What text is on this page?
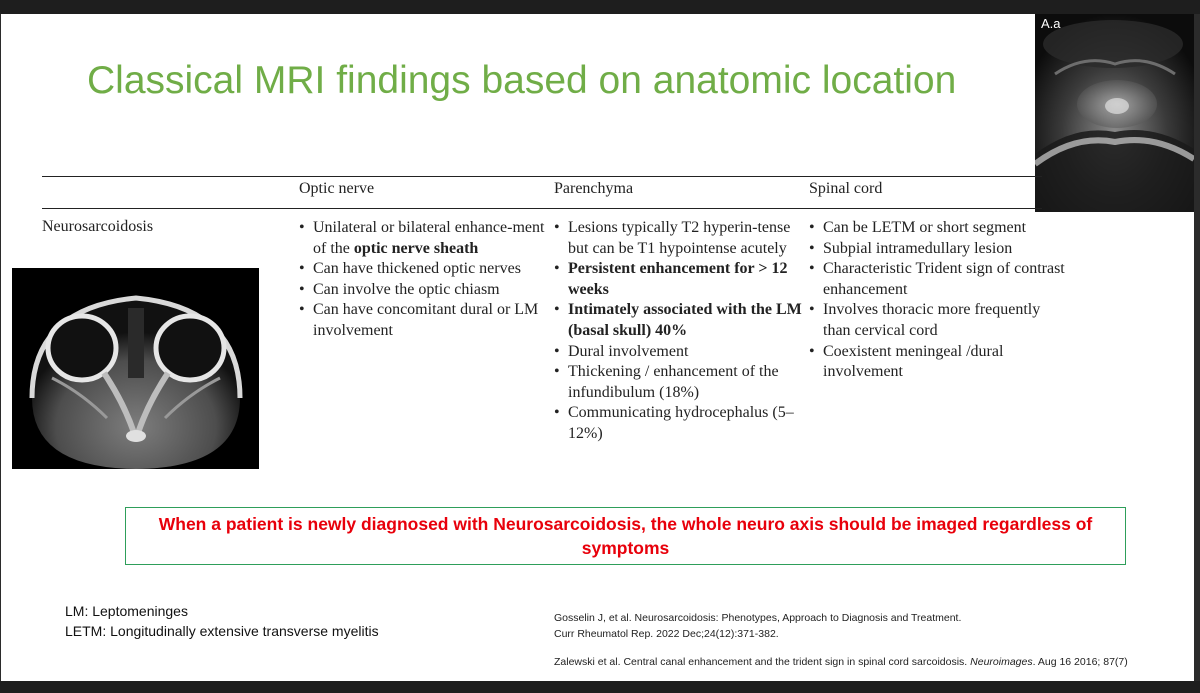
Classical MRI findings based on anatomic location
A.a
Optic nerve	Parenchyma	Spinal cord
Neurosarcoidosis
•	Unilateral or bilateral enhance-ment of the optic nerve sheath
• Can have thickened optic nerves
• Can involve the optic chiasm
• Can have concomitant dural or LM involvement
• Lesions typically T2 hyperin-tense but can be T1 hypointense acutely
• Persistent enhancement for > 12 weeks
• Intimately associated with the LM (basal skull) 40%
• Dural involvement
• Thickening / enhancement of the infundibulum (18%)
• Communicating hydrocephalus (5–12%)
• Can be LETM or short segment
• Subpial intramedullary lesion
• Characteristic Trident sign of contrast enhancement
• Involves thoracic more frequently than cervical cord
• Coexistent meningeal /dural involvement
When a patient is newly diagnosed with Neurosarcoidosis, the whole neuro axis should be imaged regardless of symptoms
LM: Leptomeninges
LETM: Longitudinally extensive transverse myelitis
Gosselin J, et al. Neurosarcoidosis: Phenotypes, Approach to Diagnosis and Treatment.
Curr Rheumatol Rep. 2022 Dec;24(12):371-382.
Zalewski et al. Central canal enhancement and the trident sign in spinal cord sarcoidosis. Neuroimages. Aug 16 2016; 87(7)
